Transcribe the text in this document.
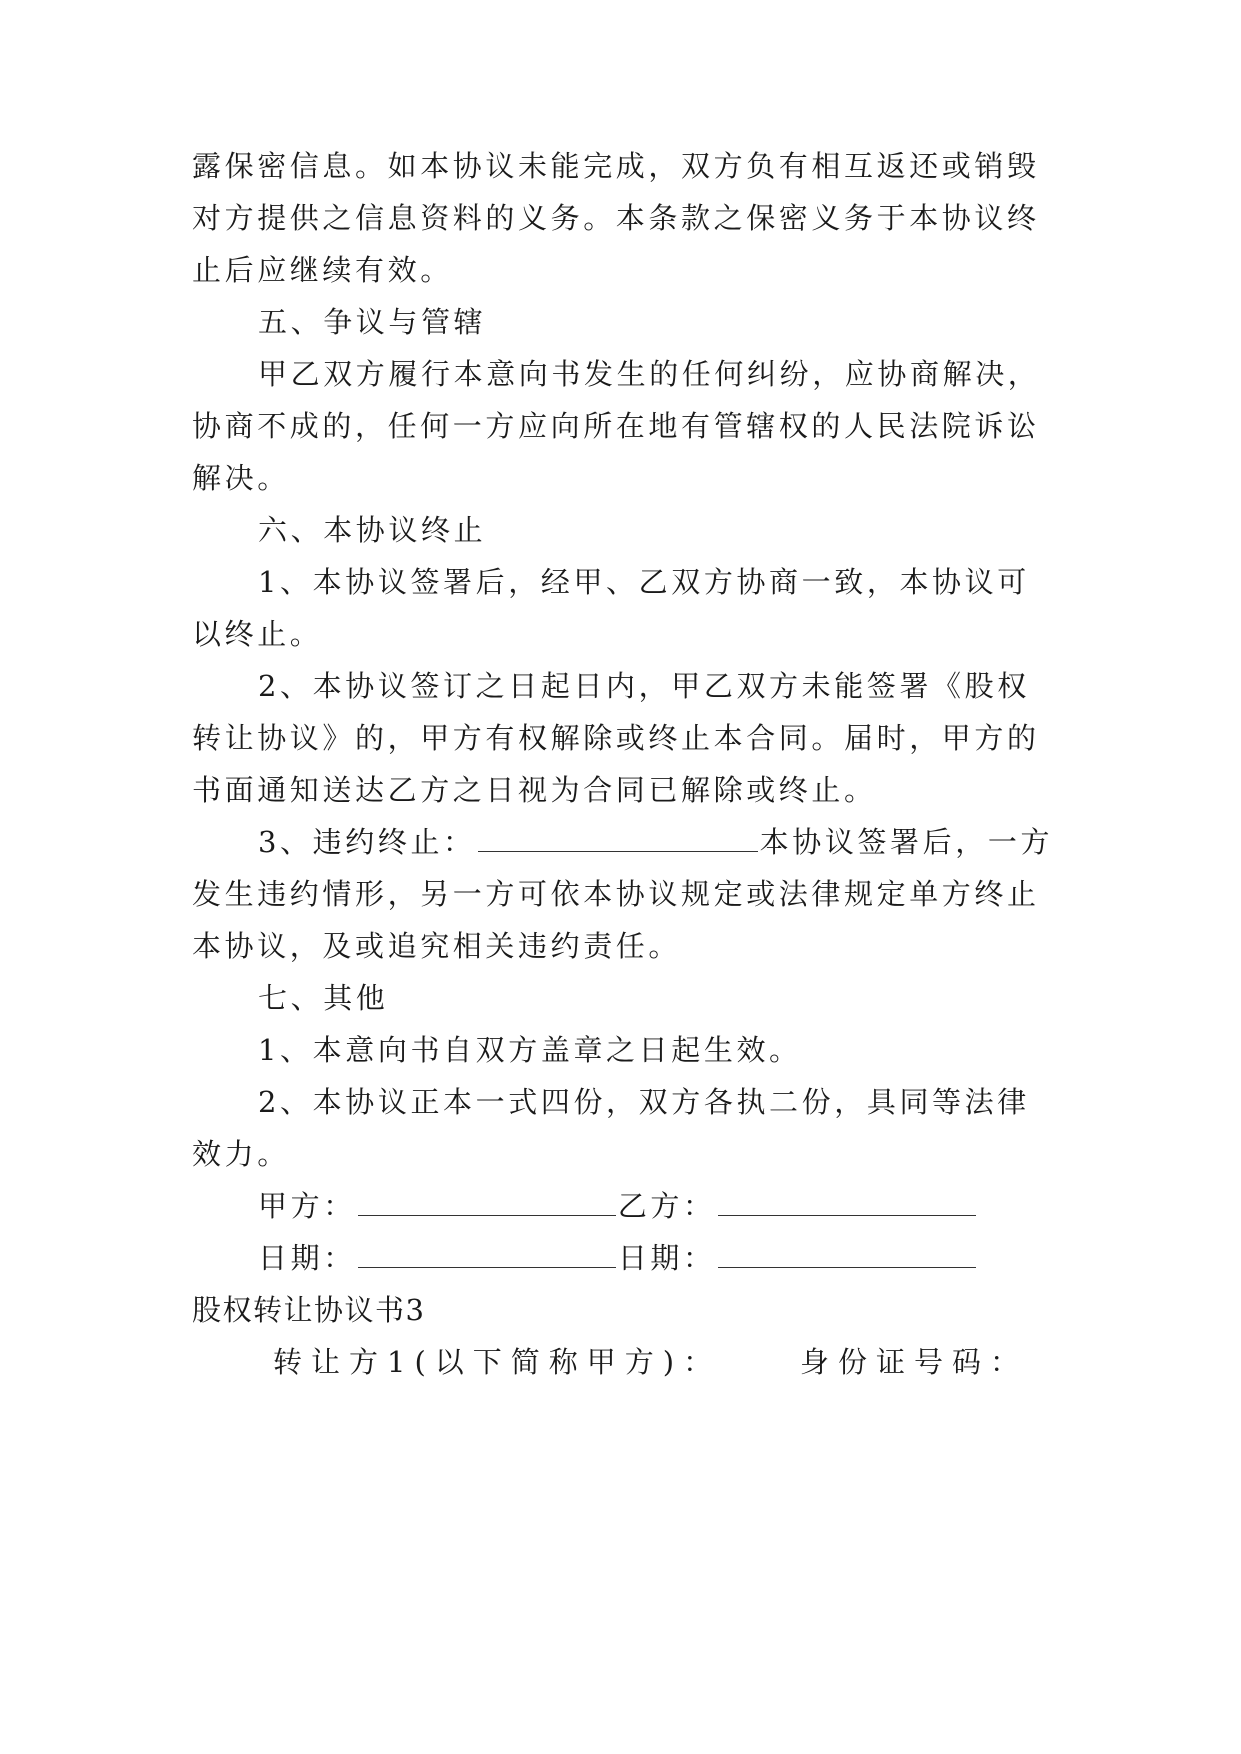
露保密信息。如本协议未能完成，双方负有相互返还或销毁
对方提供之信息资料的义务。本条款之保密义务于本协议终
止后应继续有效。
五、争议与管辖
甲乙双方履行本意向书发生的任何纠纷，应协商解决，
协商不成的，任何一方应向所在地有管辖权的人民法院诉讼
解决。
六、本协议终止
1、本协议签署后，经甲、乙双方协商一致，本协议可
以终止。
2、本协议签订之日起日内，甲乙双方未能签署《股权
转让协议》的，甲方有权解除或终止本合同。届时，甲方的
书面通知送达乙方之日视为合同已解除或终止。
3、违约终止：	本协议签署后，一方
发生违约情形，另一方可依本协议规定或法律规定单方终止
本协议，及或追究相关违约责任。
七、其他
1、本意向书自双方盖章之日起生效。
2、本协议正本一式四份，双方各执二份，具同等法律
效力。
甲方：	乙方：
日期：	日期：
股权转让协议书3
转让方1(以下简称甲方)：	身份证号码：
